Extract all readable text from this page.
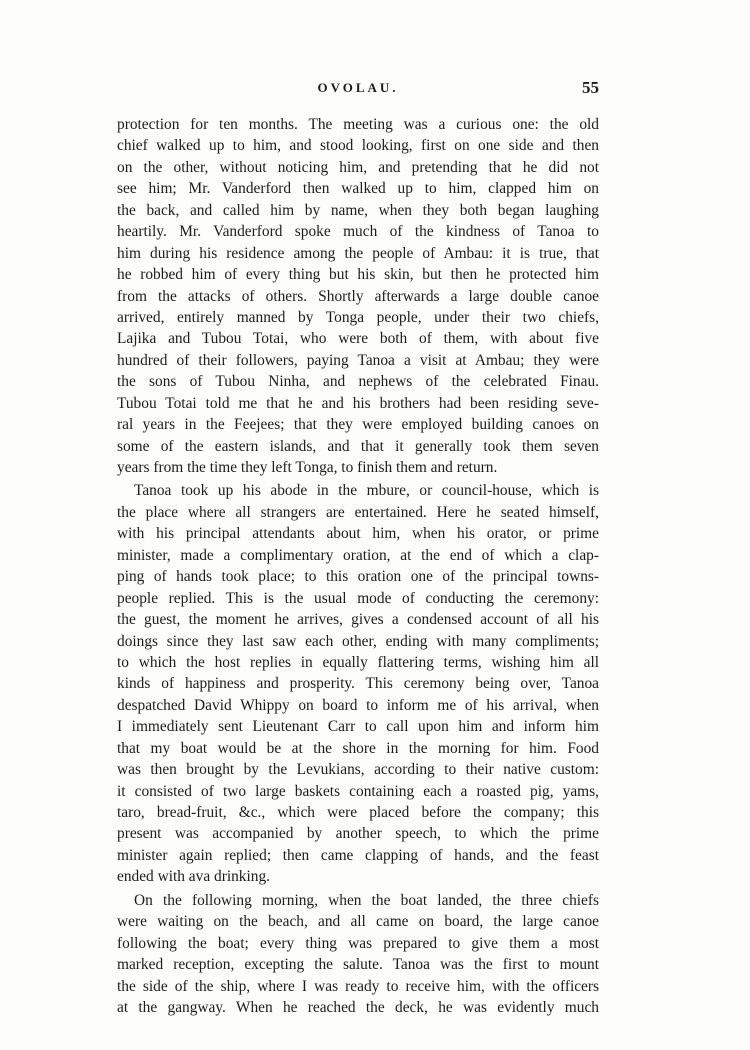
OVOLAU.	55
protection for ten months. The meeting was a curious one: the old
chief walked up to him, and stood looking, first on one side and then
on the other, without noticing him, and pretending that he did not
see him; Mr. Vanderford then walked up to him, clapped him on
the back, and called him by name, when they both began laughing
heartily. Mr. Vanderford spoke much of the kindness of Tanoa to
him during his residence among the people of Ambau: it is true, that
he robbed him of every thing but his skin, but then he protected him
from the attacks of others. Shortly afterwards a large double canoe
arrived, entirely manned by Tonga people, under their two chiefs,
Lajika and Tubou Totai, who were both of them, with about five
hundred of their followers, paying Tanoa a visit at Ambau; they were
the sons of Tubou Ninha, and nephews of the celebrated Finau.
Tubou Totai told me that he and his brothers had been residing seve-
ral years in the Feejees; that they were employed building canoes on
some of the eastern islands, and that it generally took them seven
years from the time they left Tonga, to finish them and return.
Tanoa took up his abode in the mbure, or council-house, which is
the place where all strangers are entertained. Here he seated himself,
with his principal attendants about him, when his orator, or prime
minister, made a complimentary oration, at the end of which a clap-
ping of hands took place; to this oration one of the principal towns-
people replied. This is the usual mode of conducting the ceremony:
the guest, the moment he arrives, gives a condensed account of all his
doings since they last saw each other, ending with many compliments;
to which the host replies in equally flattering terms, wishing him all
kinds of happiness and prosperity. This ceremony being over, Tanoa
despatched David Whippy on board to inform me of his arrival, when
I immediately sent Lieutenant Carr to call upon him and inform him
that my boat would be at the shore in the morning for him. Food
was then brought by the Levukians, according to their native custom:
it consisted of two large baskets containing each a roasted pig, yams,
taro, bread-fruit, &c., which were placed before the company; this
present was accompanied by another speech, to which the prime
minister again replied; then came clapping of hands, and the feast
ended with ava drinking.
On the following morning, when the boat landed, the three chiefs
were waiting on the beach, and all came on board, the large canoe
following the boat; every thing was prepared to give them a most
marked reception, excepting the salute. Tanoa was the first to mount
the side of the ship, where I was ready to receive him, with the officers
at the gangway. When he reached the deck, he was evidently much
